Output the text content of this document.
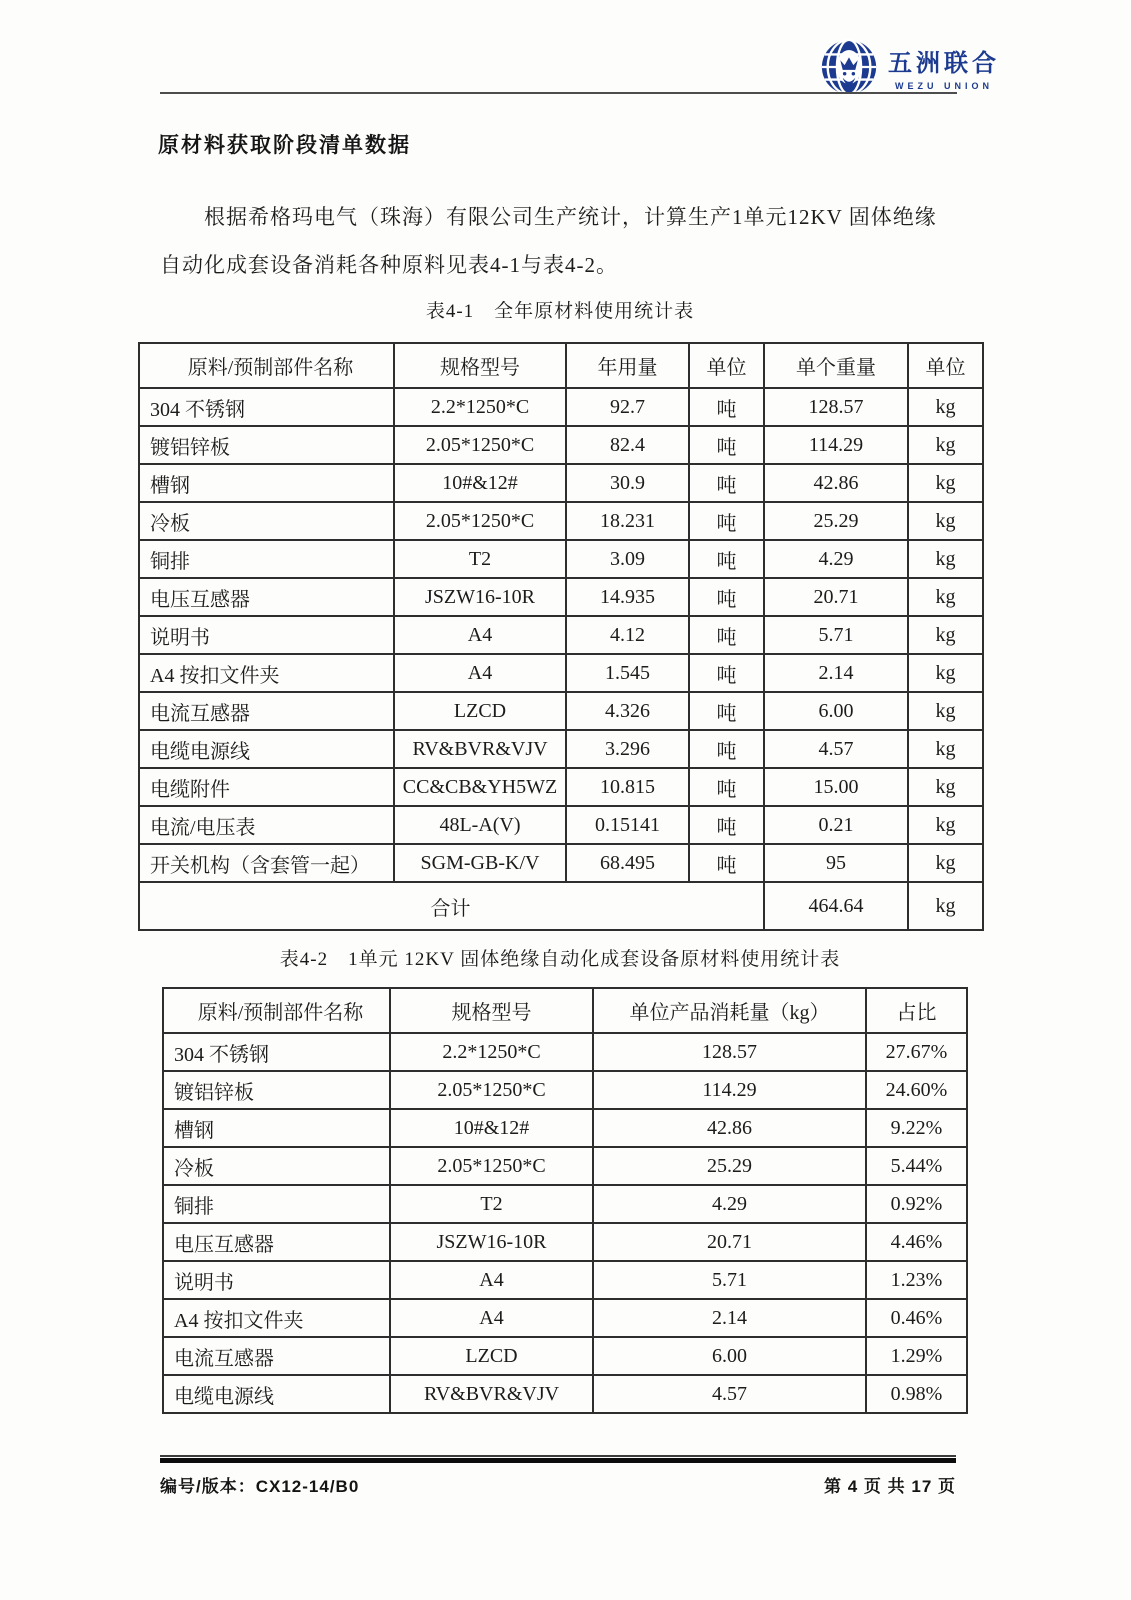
五洲联合
WEZU UNION
原材料获取阶段清单数据
根据希格玛电气（珠海）有限公司生产统计，计算生产1单元12KV 固体绝缘
自动化成套设备消耗各种原料见表4-1与表4-2。
表4-1　全年原材料使用统计表
原料/预制部件名称	规格型号	年用量	单位	单个重量	单位
304 不锈钢	2.2*1250*C	92.7	吨	128.57	kg
镀铝锌板	2.05*1250*C	82.4	吨	114.29	kg
槽钢	10#&12#	30.9	吨	42.86	kg
冷板	2.05*1250*C	18.231	吨	25.29	kg
铜排	T2	3.09	吨	4.29	kg
电压互感器	JSZW16-10R	14.935	吨	20.71	kg
说明书	A4	4.12	吨	5.71	kg
A4 按扣文件夹	A4	1.545	吨	2.14	kg
电流互感器	LZCD	4.326	吨	6.00	kg
电缆电源线	RV&BVR&VJV	3.296	吨	4.57	kg
电缆附件	CC&CB&YH5WZ	10.815	吨	15.00	kg
电流/电压表	48L-A(V)	0.15141	吨	0.21	kg
开关机构（含套管一起）	SGM-GB-K/V	68.495	吨	95	kg
合计				464.64	kg
表4-2　1单元 12KV 固体绝缘自动化成套设备原材料使用统计表
原料/预制部件名称	规格型号	单位产品消耗量（kg）	占比
304 不锈钢	2.2*1250*C	128.57	27.67%
镀铝锌板	2.05*1250*C	114.29	24.60%
槽钢	10#&12#	42.86	9.22%
冷板	2.05*1250*C	25.29	5.44%
铜排	T2	4.29	0.92%
电压互感器	JSZW16-10R	20.71	4.46%
说明书	A4	5.71	1.23%
A4 按扣文件夹	A4	2.14	0.46%
电流互感器	LZCD	6.00	1.29%
电缆电源线	RV&BVR&VJV	4.57	0.98%
编号/版本：CX12-14/B0	第 4 页 共 17 页
